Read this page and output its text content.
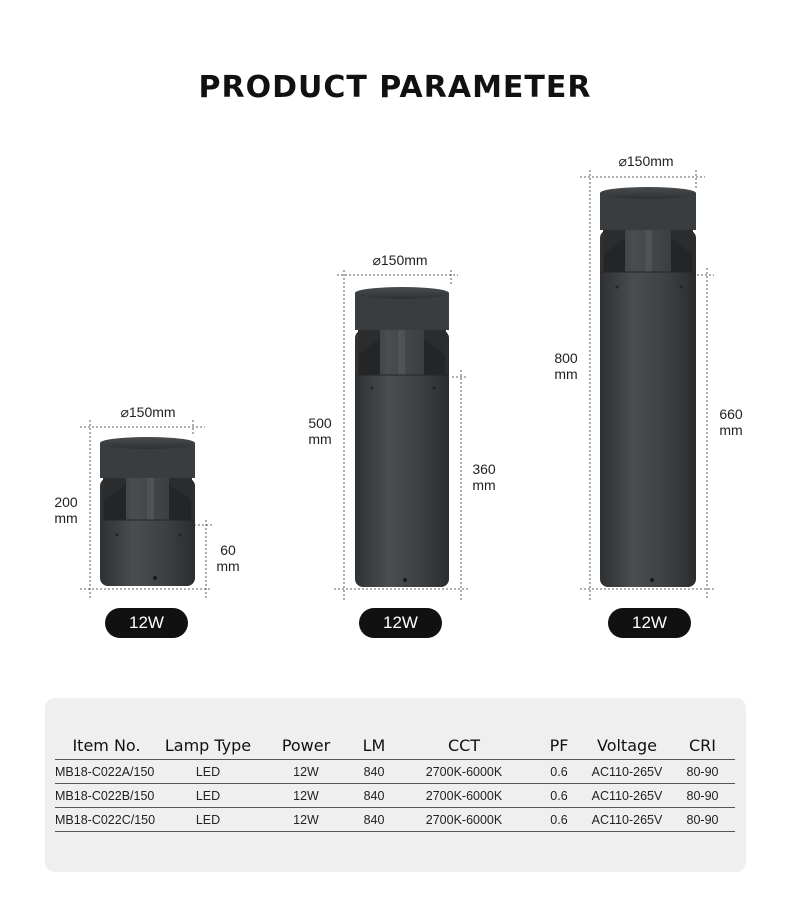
PRODUCT PARAMETER
⌀150mm
200
mm
60
mm
12W
⌀150mm
500
mm
360
mm
12W
⌀150mm
800
mm
660
mm
12W
Item No.	Lamp Type	Power	LM	CCT	PF	Voltage	CRI
MB18-C022A/150	LED	12W	840	2700K-6000K	0.6	AC110-265V	80-90
MB18-C022B/150	LED	12W	840	2700K-6000K	0.6	AC110-265V	80-90
MB18-C022C/150	LED	12W	840	2700K-6000K	0.6	AC110-265V	80-90
